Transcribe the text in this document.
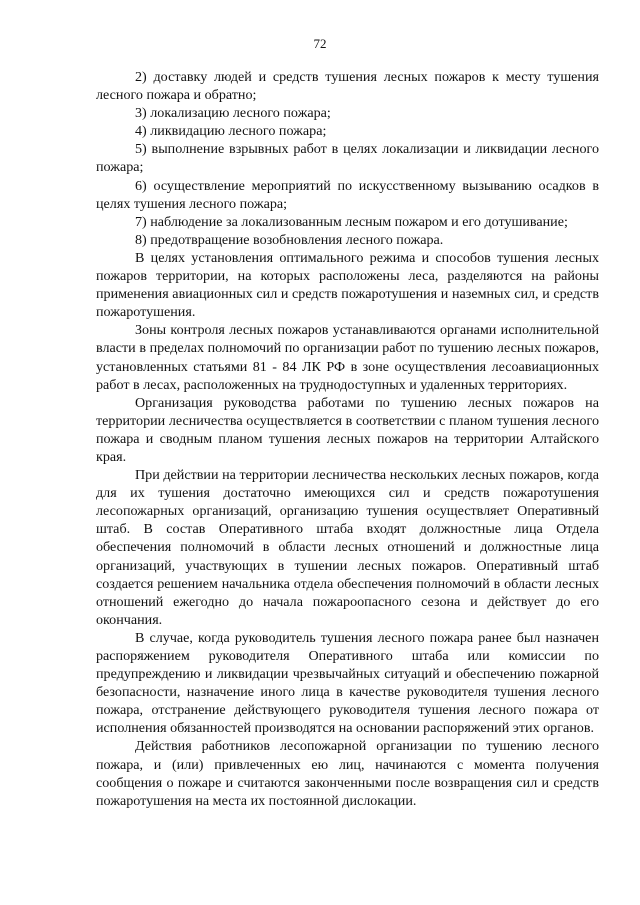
72

2) доставку людей и средств тушения лесных пожаров к месту тушения лесного пожара и обратно;

3) локализацию лесного пожара;

4) ликвидацию лесного пожара;

5) выполнение взрывных работ в целях локализации и ликвидации лесного пожара;

6) осуществление мероприятий по искусственному вызыванию осадков в целях тушения лесного пожара;

7) наблюдение за локализованным лесным пожаром и его дотушивание;

8) предотвращение возобновления лесного пожара.

В целях установления оптимального режима и способов тушения лесных пожаров территории, на которых расположены леса, разделяются на районы применения авиационных сил и средств пожаротушения и наземных сил, и средств пожаротушения.

Зоны контроля лесных пожаров устанавливаются органами исполнительной власти в пределах полномочий по организации работ по тушению лесных пожаров, установленных статьями 81 - 84 ЛК РФ в зоне осуществления лесоавиационных работ в лесах, расположенных на труднодоступных и удаленных территориях.

Организация руководства работами по тушению лесных пожаров на территории лесничества осуществляется в соответствии с планом тушения лесного пожара и сводным планом тушения лесных пожаров на территории Алтайского края.

При действии на территории лесничества нескольких лесных пожаров, когда для их тушения достаточно имеющихся сил и средств пожаротушения лесопожарных организаций, организацию тушения осуществляет Оперативный штаб. В состав Оперативного штаба входят должностные лица Отдела обеспечения полномочий в области лесных отношений и должностные лица организаций, участвующих в тушении лесных пожаров. Оперативный штаб создается решением начальника отдела обеспечения полномочий в области лесных отношений ежегодно до начала пожароопасного сезона и действует до его окончания.

В случае, когда руководитель тушения лесного пожара ранее был назначен распоряжением руководителя Оперативного штаба или комиссии по предупреждению и ликвидации чрезвычайных ситуаций и обеспечению пожарной безопасности, назначение иного лица в качестве руководителя тушения лесного пожара, отстранение действующего руководителя тушения лесного пожара от исполнения обязанностей производятся на основании распоряжений этих органов.

Действия работников лесопожарной организации по тушению лесного пожара, и (или) привлеченных ею лиц, начинаются с момента получения сообщения о пожаре и считаются законченными после возвращения сил и средств пожаротушения на места их постоянной дислокации.
